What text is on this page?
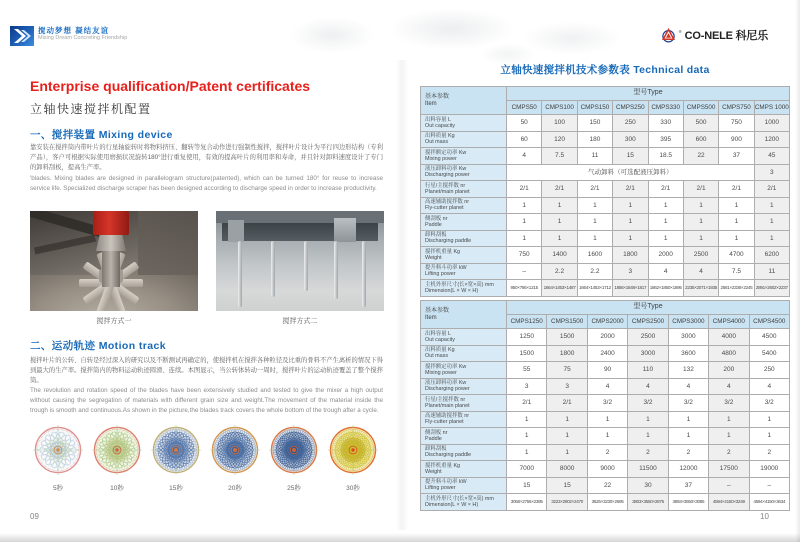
搅动梦想 凝结友谊
Mixing Dream Concreting Friendship
® CO-NELE 科尼乐
Enterprise qualification/Patent certificates
立轴快速搅拌机配置
一、搅拌装置 Mixing device
靠安装在搅拌筒内带叶片的行星轴旋转时将物料挤压、翻转等复合动作进行强制性搅拌，搅拌叶片设计为平行四边形结构（专利产品），客户可根据实际使用磨损状况旋转180°进行重复使用，有效的提高叶片的利用率和寿命，并且针对卸料速度设计了专门的卸料刮板，提高生产率。
'blades. Mixing blades are designed in parallelogram structure(patented), which can be turned 180° for reuse to increase service life. Specialized discharge scraper has been designed according to discharge speed in order to increase productivity.
搅拌方式一	搅拌方式二
二、运动轨迹 Motion track
搅拌叶片的公转、自转是经过深入的研究以及不断测试再确定的，使搅拌机在搅拌各种粒径及比重的骨料不产生离析的情况下得到最大的生产率。搅拌筒内的物料运动轨迹圆滑、连续。本图显示，当公转体转动一周时，搅拌叶片的运动轨迹覆盖了整个搅拌筒。
The revolution and rotation speed of the blades have been extensively studied and tested to give the mixer a high output without causing the segregation of materials with different grain size and weight.The movement of the material inside the trough is smooth and continuous.As shown in the picture,the blades track covers the whole bottom of the trough after a cycle.
5秒	10秒	15秒	20秒	25秒	30秒
09
立轴快速搅拌机技术参数表 Technical data
基本参数
Item	型号Type							
	CMPS50	CMPS100	CMPS150	CMPS250	CMPS330	CMPS500	CMPS750	CMPS 1000
出料容量 L
Out capacity	50	100	150	250	330	500	750	1000
出料质量 Kg
Out mass	60	120	180	300	395	600	900	1200
搅拌额定功率 Kw
Mixing power	4	7.5	11	15	18.5	22	37	45
液压卸料功率 Kw
Discharging power	气动卸料（可选配液压卸料）							3
行星/主搅拌数 nr
Planet/main planet	2/1	2/1	2/1	2/1	2/1	2/1	2/1	2/1
高速辅助搅拌数 nr
Fly-cutter planet	1	1	1	1	1	1	1	1
侧刮板 nr
Paddle	1	1	1	1	1	1	1	1
卸料刮板
Discharging paddle	1	1	1	1	1	1	1	1
搅拌机重量 Kg
Weight	750	1400	1600	1800	2000	2500	4700	6200
提升料斗功率 kW
Lifting power	–	2.2	2.2	3	4	4	7.5	11
主机外形尺寸(长×宽×高) mm
Dimension(L × W × H)	950×786×1215	1664×1453×1487	1664×1453×1712	1856×1648×1817	1862×1850×1895	2235×2071×1935	2581×2336×2245	2891×2602×2237
基本参数
Item	型号Type						
	CMPS1250	CMPS1500	CMPS2000	CMPS2500	CMPS3000	CMPS4000	CMPS4500
出料容量 L
Out capacity	1250	1500	2000	2500	3000	4000	4500
出料质量 Kg
Out mass	1500	1800	2400	3000	3600	4800	5400
搅拌额定功率 Kw
Mixing power	55	75	90	110	132	200	250
液压卸料功率 Kw
Discharging power	3	3	4	4	4	4	4
行星/主搅拌数 nr
Planet/main planet	2/1	2/1	3/2	3/2	3/2	3/2	3/2
高速辅助搅拌数 nr
Fly-cutter planet	1	1	1	1	1	1	1
侧刮板 nr
Paddle	1	1	1	1	1	1	1
卸料刮板
Discharging paddle	1	1	2	2	2	2	2
搅拌机重量 Kg
Weight	7000	8000	9000	11500	12000	17500	19000
提升料斗功率 kW
Lifting power	15	15	22	30	37	–	–
主机外形尺寸(长×宽×高) mm
Dimension(L × W × H)	3058×2756×2395	3223×2902×2470	3625×3230×2695	3803×3550×2875	3893×3550×3085	4594×4150×3249	4594×4150×3634
10
